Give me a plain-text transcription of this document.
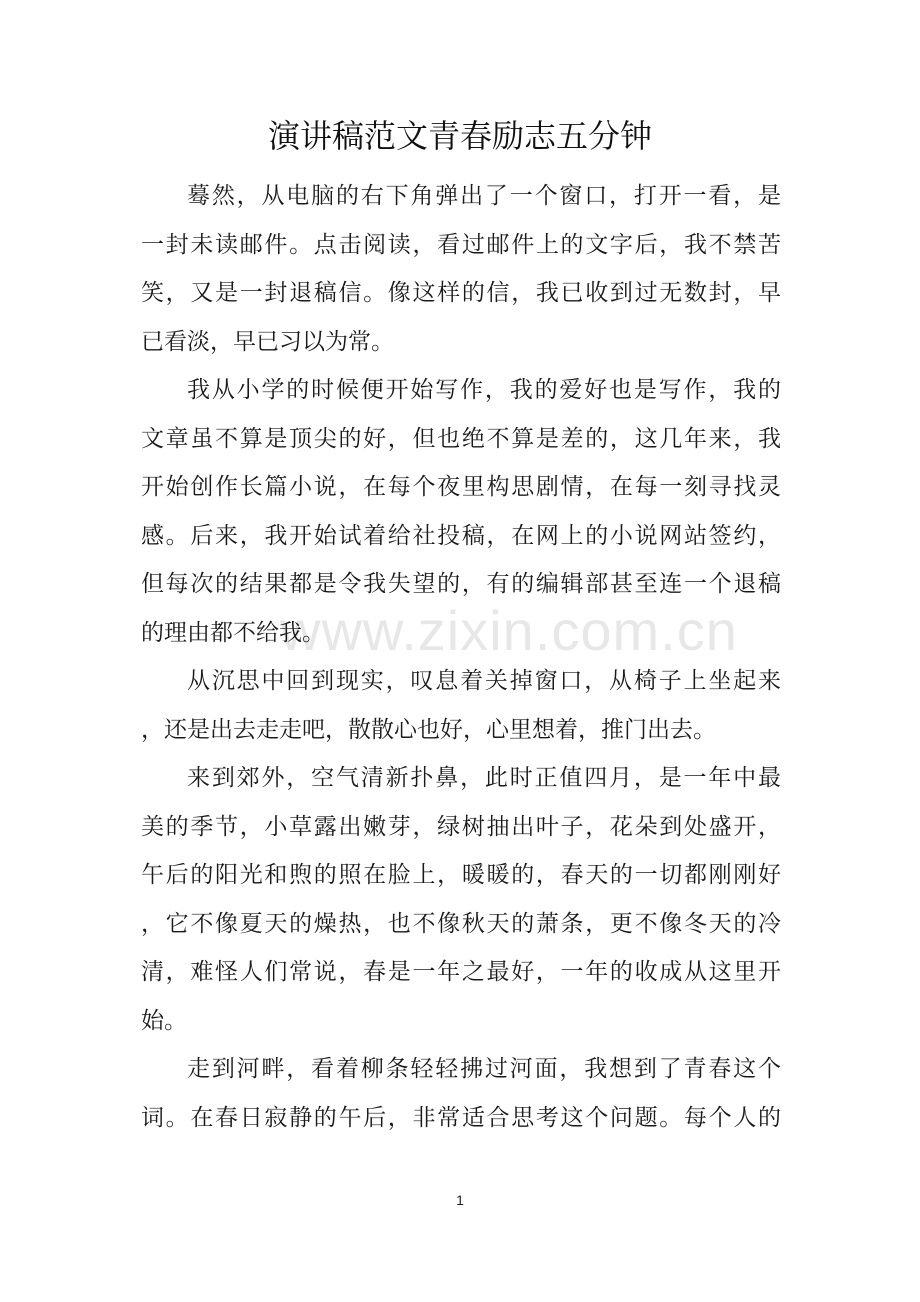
演讲稿范文青春励志五分钟
蓦然，从电脑的右下角弹出了一个窗口，打开一看，是
一封未读邮件。点击阅读，看过邮件上的文字后，我不禁苦
笑，又是一封退稿信。像这样的信，我已收到过无数封，早
已看淡，早已习以为常。
我从小学的时候便开始写作，我的爱好也是写作，我的
文章虽不算是顶尖的好，但也绝不算是差的，这几年来，我
开始创作长篇小说，在每个夜里构思剧情，在每一刻寻找灵
感。后来，我开始试着给社投稿，在网上的小说网站签约，
但每次的结果都是令我失望的，有的编辑部甚至连一个退稿
的理由都不给我。
从沉思中回到现实，叹息着关掉窗口，从椅子上坐起来
，还是出去走走吧，散散心也好，心里想着，推门出去。
来到郊外，空气清新扑鼻，此时正值四月，是一年中最
美的季节，小草露出嫩芽，绿树抽出叶子，花朵到处盛开，
午后的阳光和煦的照在脸上，暖暖的，春天的一切都刚刚好
，它不像夏天的燥热，也不像秋天的萧条，更不像冬天的冷
清，难怪人们常说，春是一年之最好，一年的收成从这里开
始。
走到河畔，看着柳条轻轻拂过河面，我想到了青春这个
词。在春日寂静的午后，非常适合思考这个问题。每个人的
www.zixin.com.cn
1
